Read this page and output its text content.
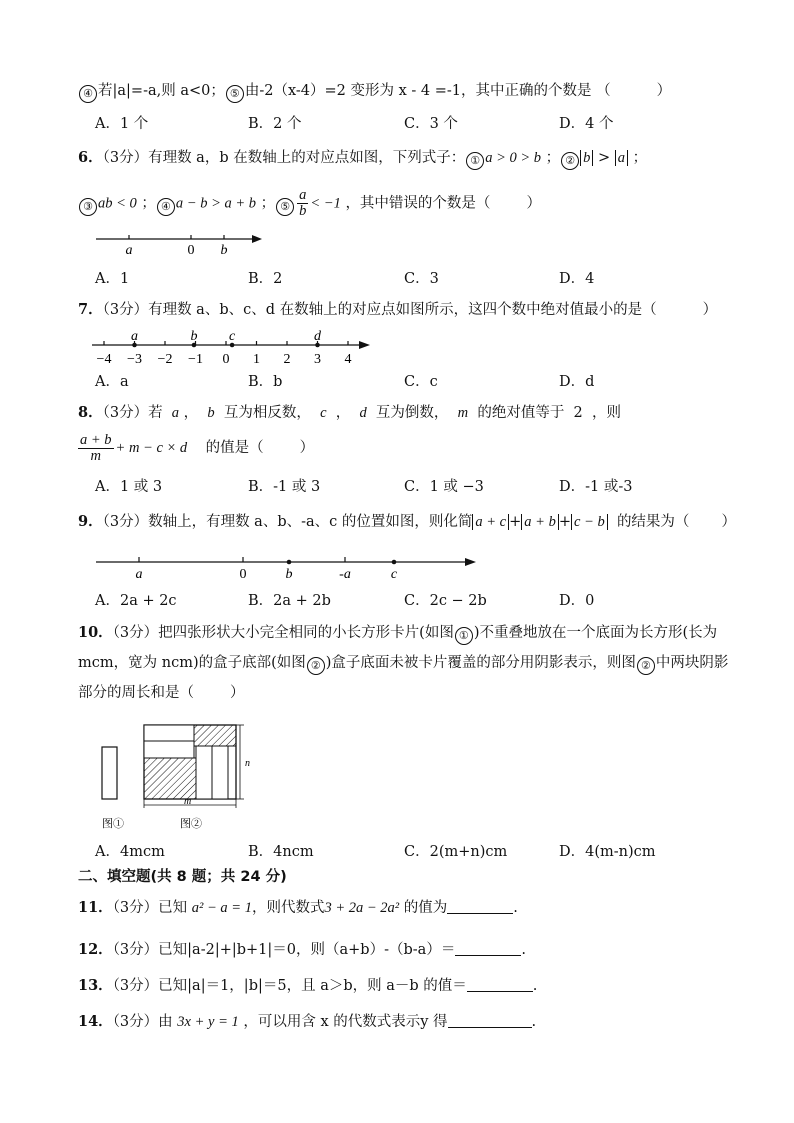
④ 若|a|=-a,则 a<0； ⑤ 由-2（x-4）=2 变形为 x - 4 =-1，其中正确的个数是 （	）
A．1 个	B．2 个	C．3 个	D．4 个
6．（3分）有理数 a，b 在数轴上的对应点如图，下列式子： ① a > 0 > b ； ② b > a ；
③ ab < 0 ； ④ a − b > a + b ； ⑤ $\frac{a}{b} < -1$ ，其中错误的个数是（ ）
a	0 b
A．1	B．2	C．3	D．4
7．（3分）有理数 a、b、c、d 在数轴上的对应点如图所示，这四个数中绝对值最小的是（	）
−4 −3 −2 −1 0 1 2 3 4
a	b c	d
A．a	B．b	C．c	D．d
8．（3分）若 a ， b 互为相反数， c ， d 互为倒数， m 的绝对值等于 2 ，则
$\frac{a + b}{m} + m - c \times d$ 的值是（ ）
A．1 或 3	B．-1 或 3	C．1 或 −3	D．-1 或-3
9．（3分）数轴上，有理数 a、b、-a、c 的位置如图，则化简 a + c + a + b + c − b 的结果为（ ）
a	0	b	-a	c
A．2a + 2c	B．2a + 2b	C．2c − 2b	D．0
10．（3分）把四张形状大小完全相同的小长方形卡片(如图 ① )不重叠地放在一个底面为长方形(长为
mcm，宽为 ncm)的盒子底部(如图 ② )盒子底面未被卡片覆盖的部分用阴影表示，则图 ② 中两块阴影
部分的周长和是（ ）
n
m
图①	图②
A．4mcm	B．4ncm	C．2(m+n)cm	D．4(m-n)cm
二、填空题(共 8 题；共 24 分)
11．（3分）已知 a² − a = 1，则代数式3 + 2a − 2a² 的值为	.
12．（3分）已知|a-2|+|b+1|＝0，则（a+b）-（b-a）＝	.
13．（3分）已知|a|＝1，|b|＝5，且 a＞b，则 a－b 的值＝	.
14．（3分）由 3x + y = 1 ，可以用含 x 的代数式表示y 得	.
